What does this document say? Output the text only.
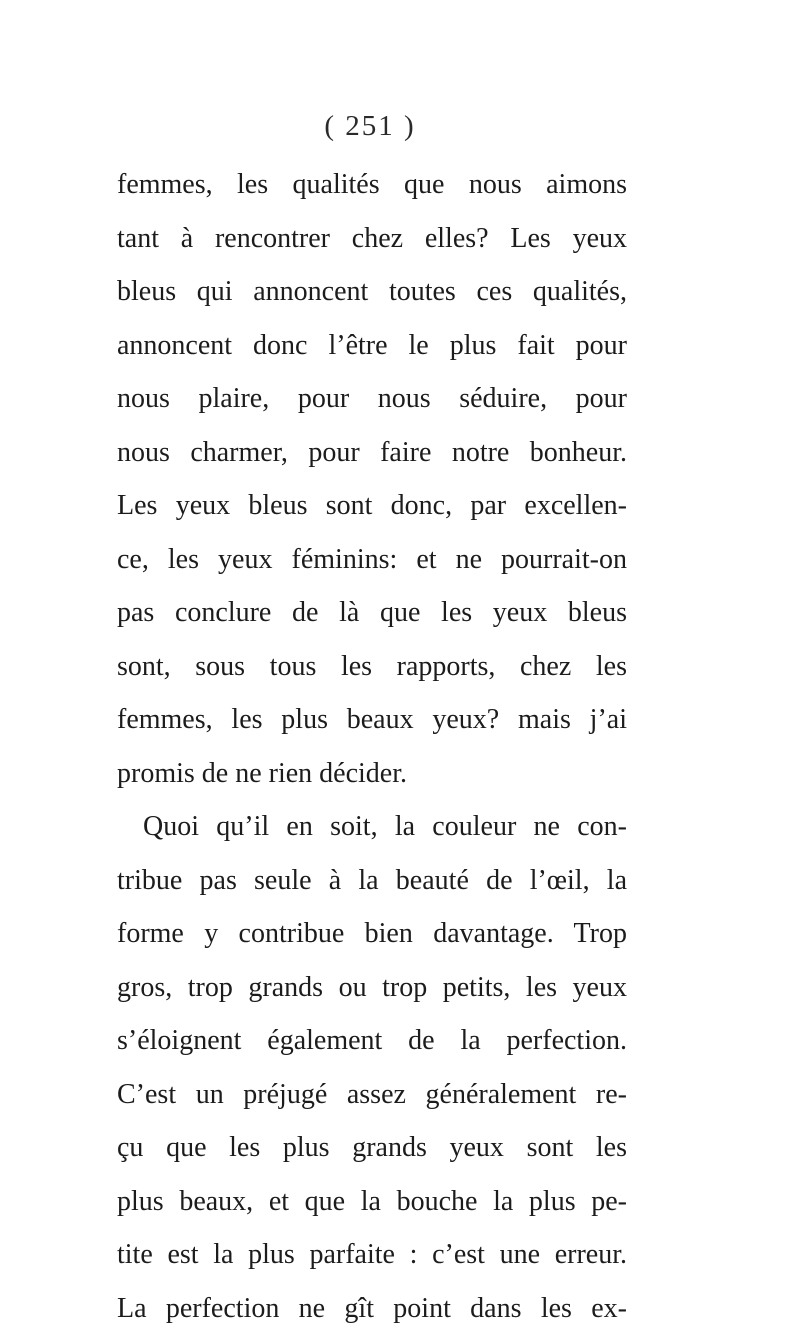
( 251 )
femmes, les qualités que nous aimons
tant à rencontrer chez elles? Les yeux
bleus qui annoncent toutes ces qualités,
annoncent donc l’être le plus fait pour
nous plaire, pour nous séduire, pour
nous charmer, pour faire notre bonheur.
Les yeux bleus sont donc, par excellen-
ce, les yeux féminins: et ne pourrait-on
pas conclure de là que les yeux bleus
sont, sous tous les rapports, chez les
femmes, les plus beaux yeux? mais j’ai
promis de ne rien décider.
Quoi qu’il en soit, la couleur ne con-
tribue pas seule à la beauté de l’œil, la
forme y contribue bien davantage. Trop
gros, trop grands ou trop petits, les yeux
s’éloignent également de la perfection.
C’est un préjugé assez généralement re-
çu que les plus grands yeux sont les
plus beaux, et que la bouche la plus pe-
tite est la plus parfaite : c’est une erreur.
La perfection ne gît point dans les ex-
